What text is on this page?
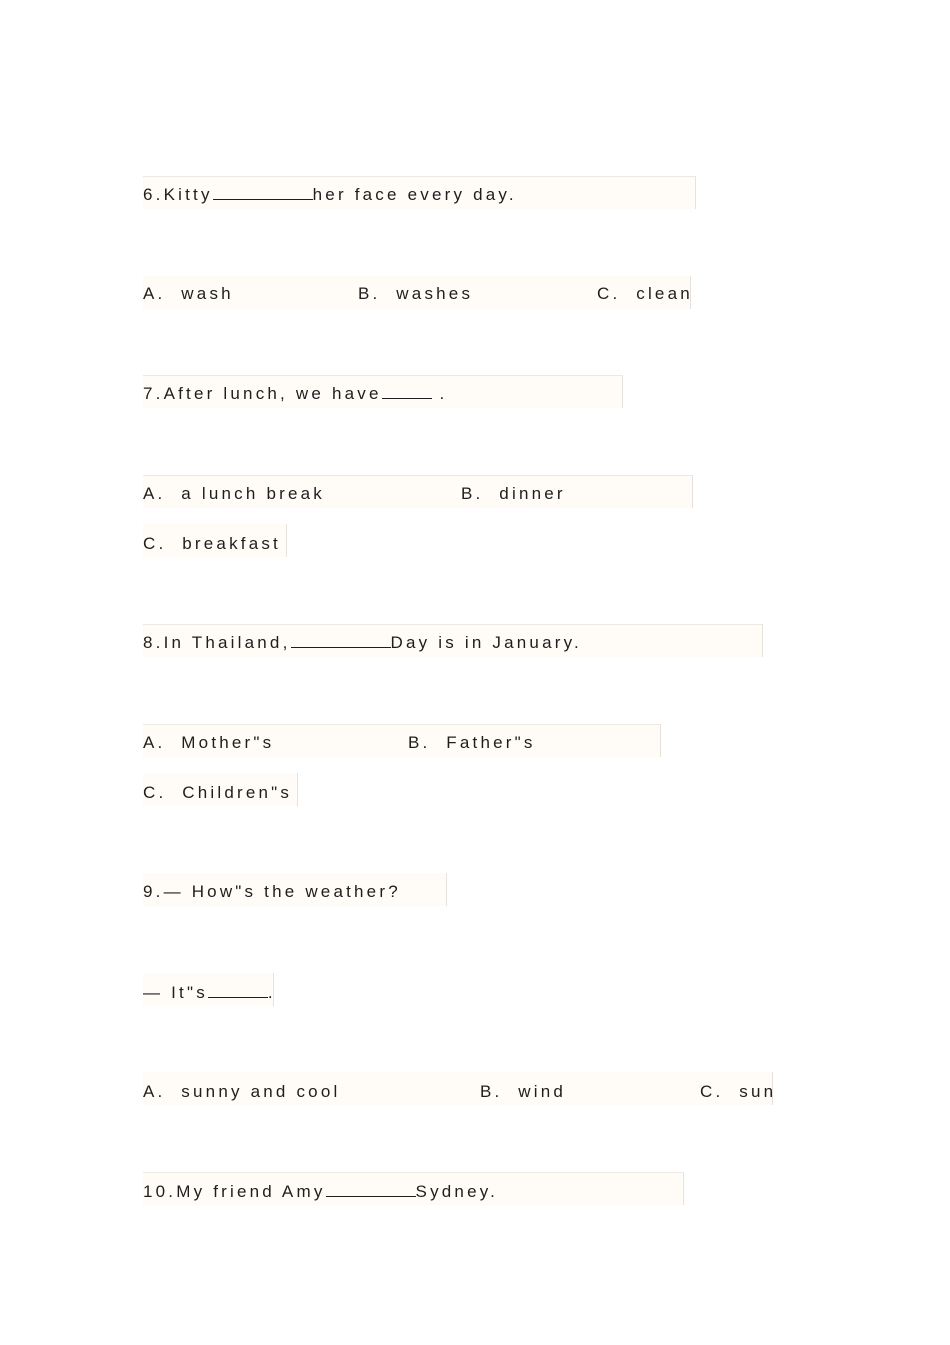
6.Kitty	her face every day.
A.  wash	B.  washes	C.  clean
7.After lunch, we have	.
A.  a lunch break	B.  dinner
C.  breakfast
8.In Thailand,	Day is in January.
A.  Mother"s	B.  Father"s
C.  Children"s
9.— How"s the weather?
— It"s	.
A.  sunny and cool	B.  wind	C.  sun
10.My friend Amy	Sydney.
